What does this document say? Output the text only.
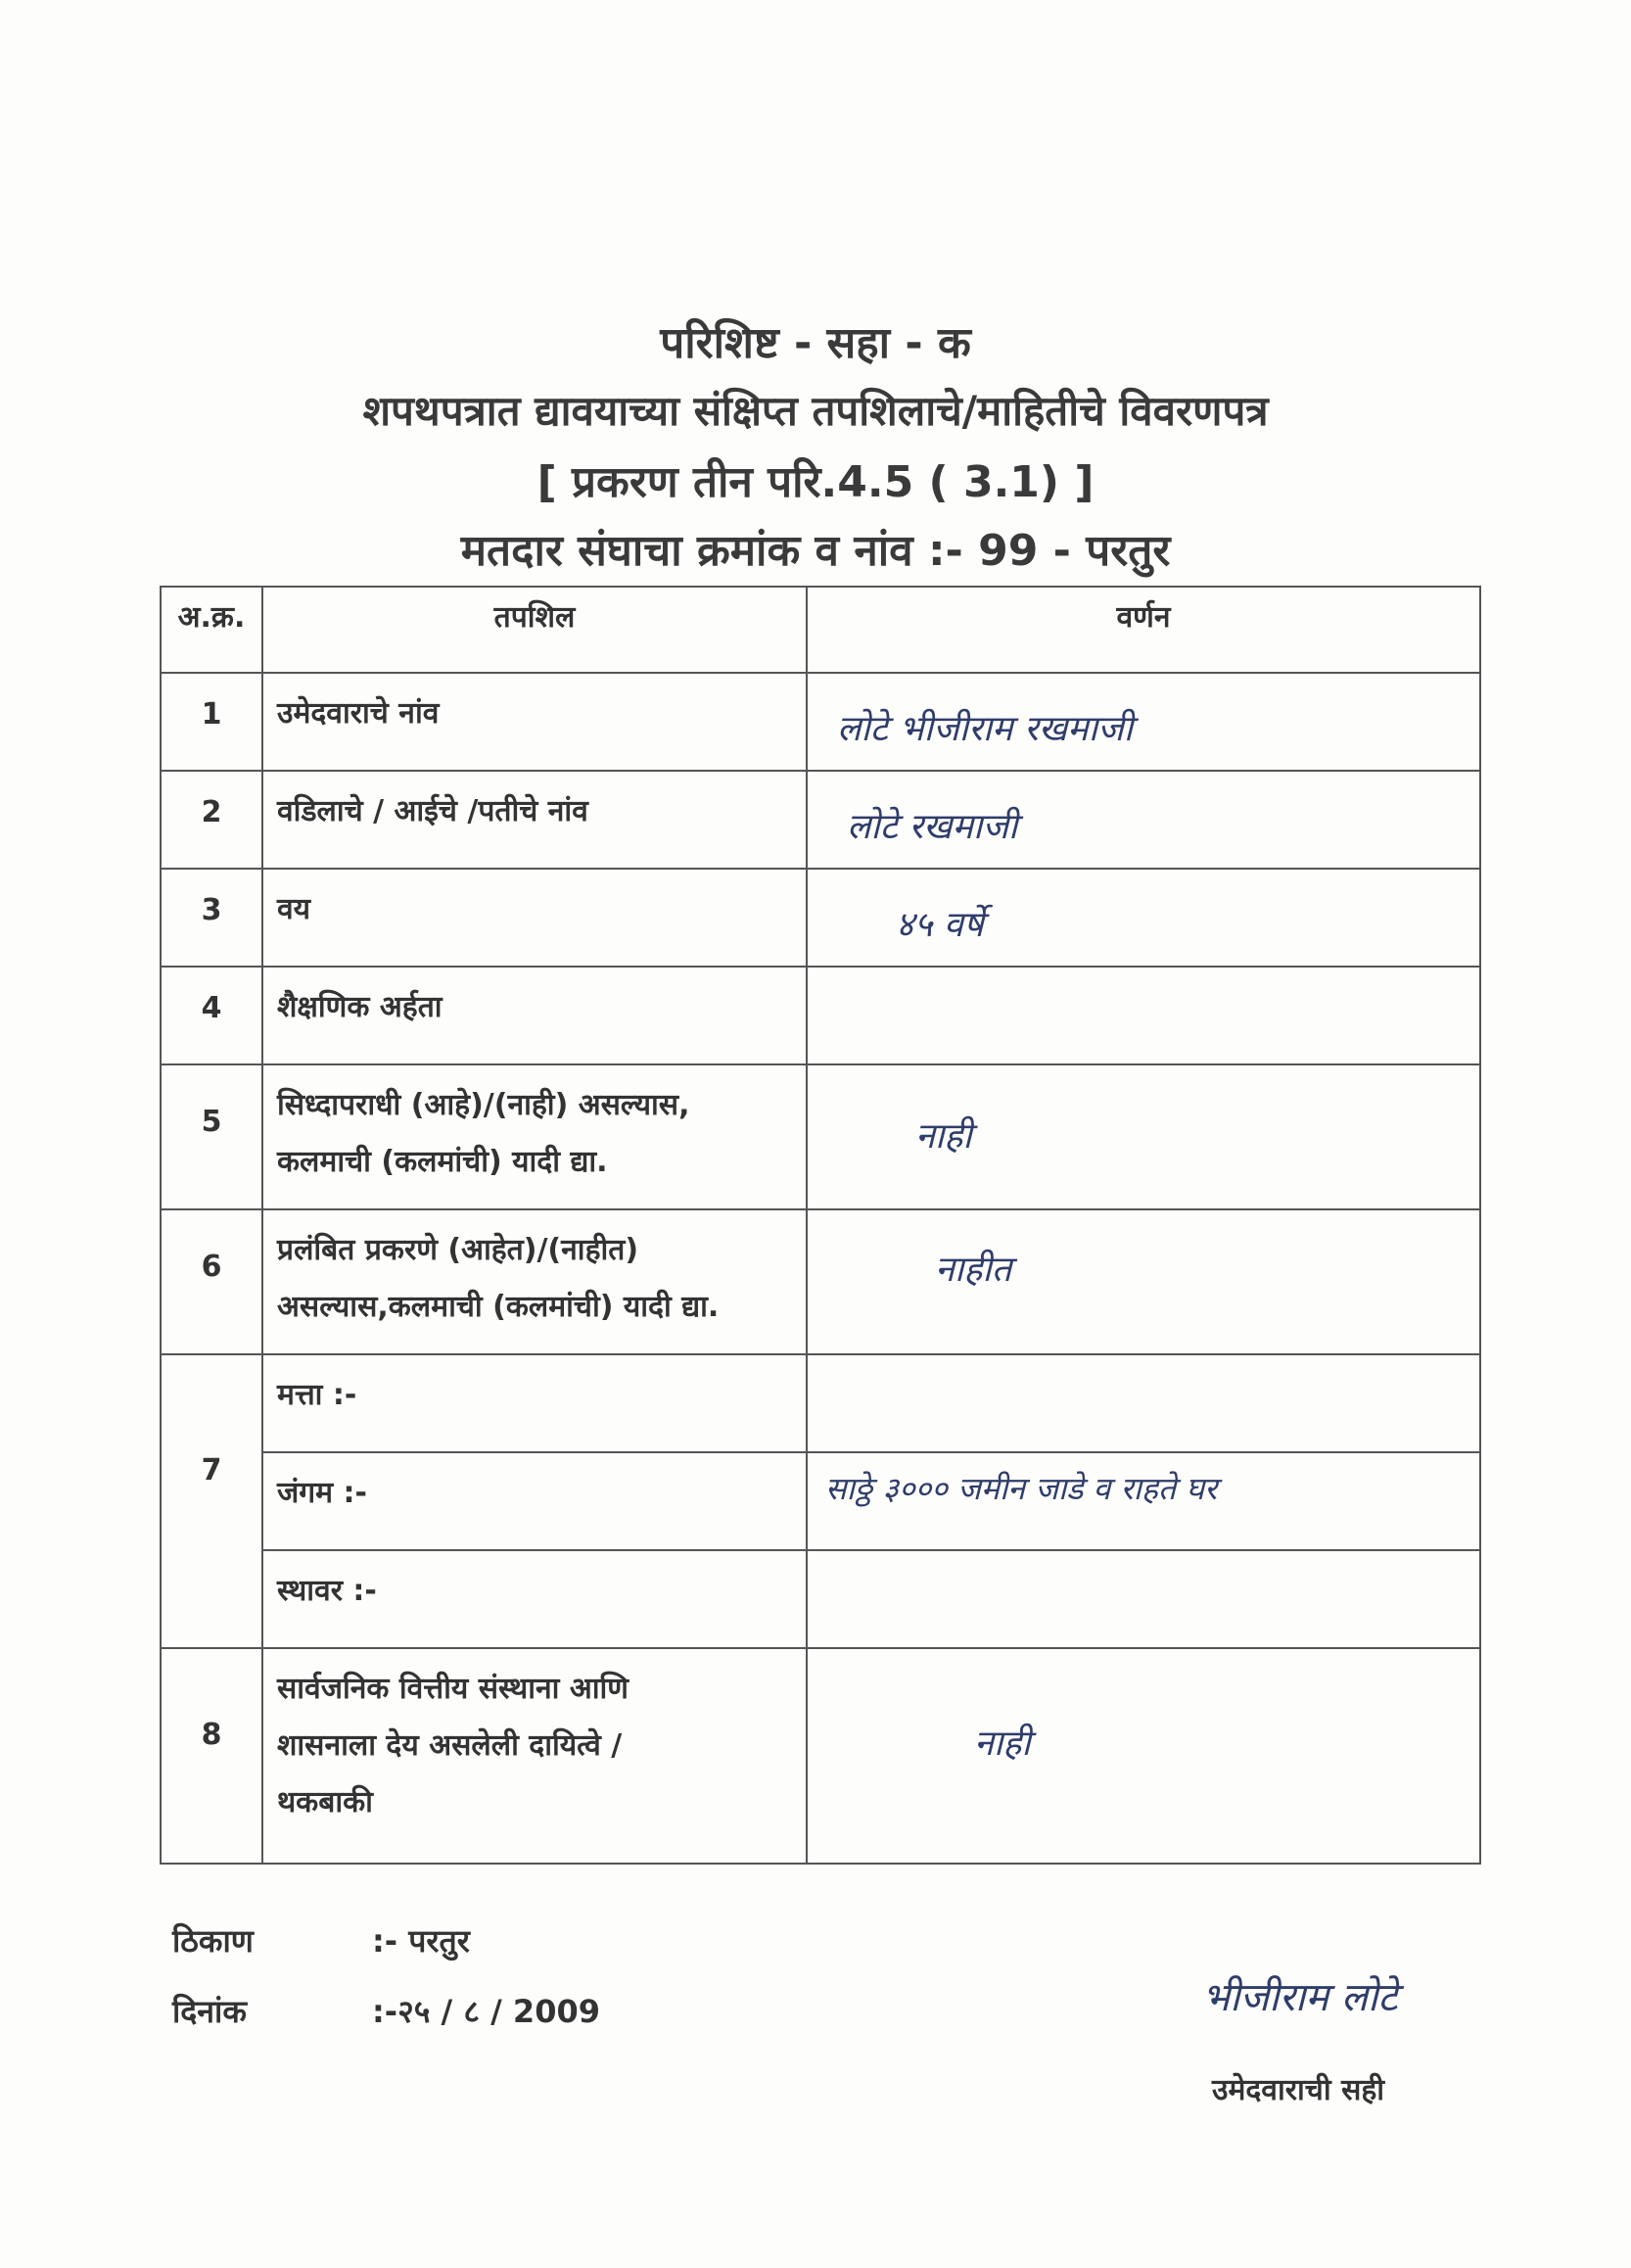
परिशिष्ट - सहा - क
शपथपत्रात द्यावयाच्या संक्षिप्त तपशिलाचे/माहितीचे विवरणपत्र
[ प्रकरण तीन परि.4.5 ( 3.1) ]
मतदार संघाचा क्रमांक व नांव :- 99 - परतुर
अ.क्र.	तपशिल	वर्णन
1	उमेदवाराचे नांव	लोटे भीजीराम रखमाजी

2	वडिलाचे / आईचे /पतीचे नांव	लोटे रखमाजी

3	वय	४५ वर्षे

4	शैक्षणिक अर्हता	

5	सिध्दापराधी (आहे)/(नाही) असल्यास,
कलमाची (कलमांची) यादी द्या.	नाही

6	प्रलंबित प्रकरणे (आहेत)/(नाहीत)
असल्यास,कलमाची (कलमांची) यादी द्या.	नाहीत

7	मत्ता :-	
	जंगम :-	साठ्ठे ३००० जमीन जाडे व राहते घर

	स्थावर :-	
8	सार्वजनिक वित्तीय संस्थाना आणि
शासनाला देय असलेली दायित्वे /
थकबाकी	नाही
ठिकाण	:- परतुर
दिनांक	:-२५ / ८ / 2009	भीजीराम लोटे
उमेदवाराची सही
